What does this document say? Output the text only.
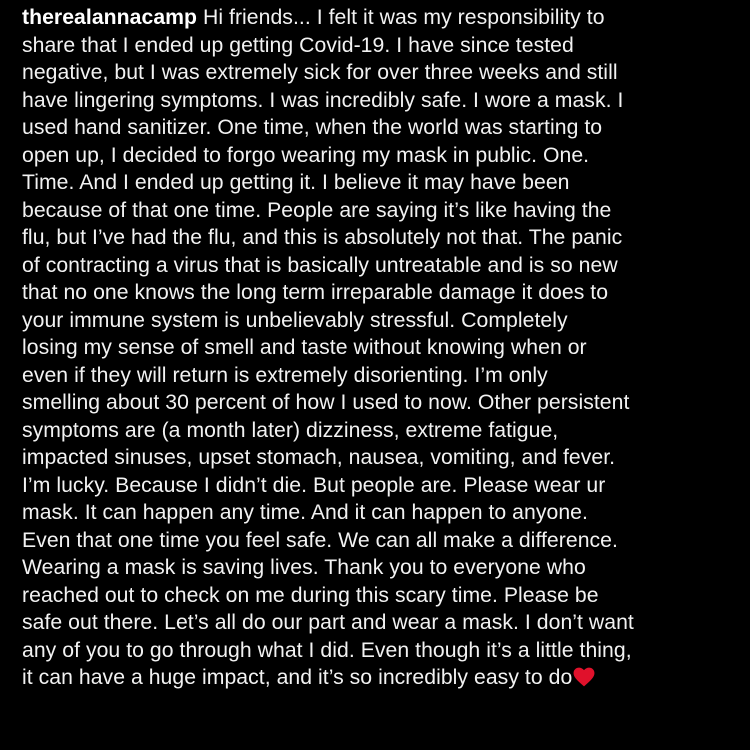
therealannacamp Hi friends... I felt it was my responsibility to
share that I ended up getting Covid-19. I have since tested
negative, but I was extremely sick for over three weeks and still
have lingering symptoms. I was incredibly safe. I wore a mask. I
used hand sanitizer. One time, when the world was starting to
open up, I decided to forgo wearing my mask in public. One.
Time. And I ended up getting it. I believe it may have been
because of that one time. People are saying it’s like having the
flu, but I’ve had the flu, and this is absolutely not that. The panic
of contracting a virus that is basically untreatable and is so new
that no one knows the long term irreparable damage it does to
your immune system is unbelievably stressful. Completely
losing my sense of smell and taste without knowing when or
even if they will return is extremely disorienting. I’m only
smelling about 30 percent of how I used to now. Other persistent
symptoms are (a month later) dizziness, extreme fatigue,
impacted sinuses, upset stomach, nausea, vomiting, and fever.
I’m lucky. Because I didn’t die. But people are. Please wear ur
mask. It can happen any time. And it can happen to anyone.
Even that one time you feel safe. We can all make a difference.
Wearing a mask is saving lives. Thank you to everyone who
reached out to check on me during this scary time. Please be
safe out there. Let’s all do our part and wear a mask. I don’t want
any of you to go through what I did. Even though it’s a little thing,
it can have a huge impact, and it’s so incredibly easy to do
